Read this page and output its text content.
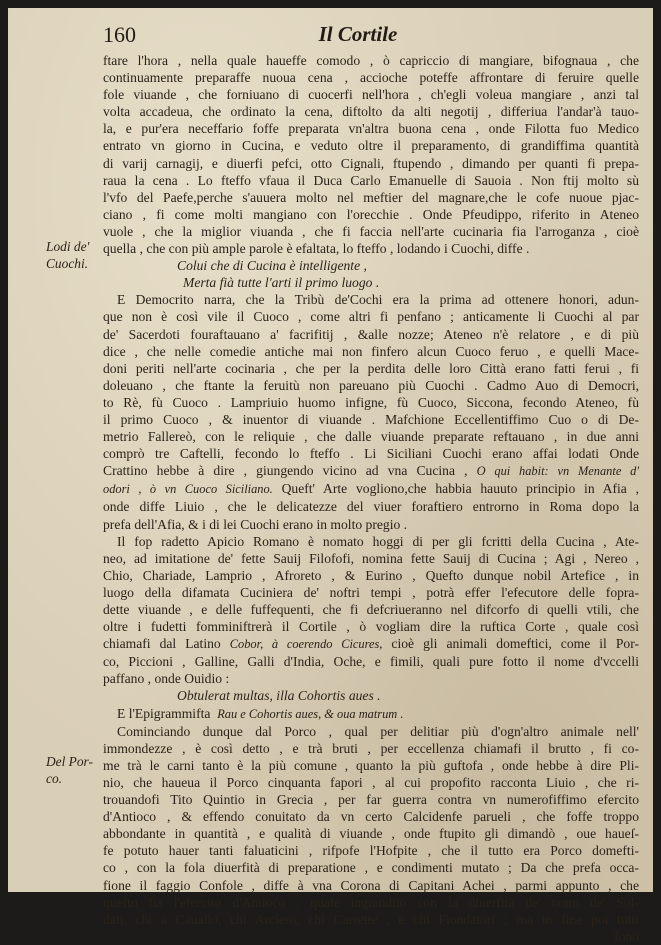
160	Il Cortile
Lodi de'
Cuochi.
Del Por-
co.
ftare l'hora , nella quale haueffe comodo , ò capriccio di mangiare, bifognaua , che
continuamente preparaffe nuoua cena , accioche poteffe affrontare di feruire quelle
fole viuande , che forniuano di cuocerfi nell'hora , ch'egli voleua mangiare , anzi tal
volta accadeua, che ordinato la cena, diftolto da alti negotij , differiua l'andar'à tauo-
la, e pur'era neceffario foffe preparata vn'altra buona cena , onde Filotta fuo Medico
entrato vn giorno in Cucina, e veduto oltre il preparamento, di grandiffima quantità
di varij carnagij, e diuerfi pefci, otto Cignali, ftupendo , dimando per quanti fi prepa-
raua la cena . Lo fteffo vfaua il Duca Carlo Emanuelle di Sauoia . Non ftij molto sù
l'vfo del Paefe,perche s'auuera molto nel meftier del magnare,che le cofe nuoue pjac-
ciano , fi come molti mangiano con l'orecchie . Onde Pfeudippo, riferito in Ateneo
vuole , che la miglior viuanda , che fi faccia nell'arte cucinaria fia l'arroganza , cioè
quella , che con più ample parole è efaltata, lo fteffo , lodando i Cuochi, diffe .
Colui che di Cucina è intelligente ,
Merta fià tutte l'arti il primo luogo .
E Democrito narra, che la Tribù de'Cochi era la prima ad ottenere honori, adun-
que non è così vile il Cuoco , come altri fi penfano ; anticamente li Cuochi al par
de' Sacerdoti fouraftauano a' facrifitij , &alle nozze; Ateneo n'è relatore , e di più
dice , che nelle comedie antiche mai non finfero alcun Cuoco feruo , e quelli Mace-
doni periti nell'arte cocinaria , che per la perdita delle loro Città erano fatti ferui , fi
doleuano , che ftante la feruitù non pareuano più Cuochi . Cadmo Auo di Democri,
to Rè, fù Cuoco . Lampriuio huomo infigne, fù Cuoco, Siccona, fecondo Ateneo, fù
il primo Cuoco , & inuentor di viuande . Mafchione Eccellentiffimo Cuo o di De-
metrio Fallereò, con le reliquie , che dalle viuande preparate reftauano , in due anni
comprò tre Caftelli, fecondo lo fteffo . Li Siciliani Cuochi erano affai lodati Onde
Crattino hebbe à dire , giungendo vicino ad vna Cucina , O qui habit: vn Menante d'
odori , ò vn Cuoco Siciliano. Queft' Arte vogliono,che habbia hauuto principio in Afia ,
onde diffe Liuio , che le delicatezze del viuer foraftiero entrorno in Roma dopo la
prefa dell'Afia, & i di lei Cuochi erano in molto pregio .
Il fop radetto Apicio Romano è nomato hoggi di per gli fcritti della Cucina , Ate-
neo, ad imitatione de' fette Sauij Filofofi, nomina fette Sauij di Cucina ; Agi , Nereo ,
Chio, Chariade, Lamprio , Afroreto , & Eurino , Quefto dunque nobil Artefice , in
luogo della difamata Cuciniera de' noftri tempi , potrà effer l'efecutore delle fopra-
dette viuande , e delle fuffequenti, che fi defcriueranno nel difcorfo di quelli vtili, che
oltre i fudetti fomminiftrerà il Cortile , ò vogliam dire la ruftica Corte , quale così
chiamafi dal Latino Cobor, à coerendo Cicures, cioè gli animali domeftici, come il Por-
co, Piccioni , Galline, Galli d'India, Oche, e fimili, quali pure fotto il nome d'vccelli
paffano , onde Ouidio :
Obtulerat multas, illa Cohortis aues .
E l'Epigrammifta Rau e Cohortis aues, & oua matrum .
Cominciando dunque dal Porco , qual per delitiar più d'ogn'altro animale nell'
immondezze , è così detto , e trà bruti , per eccellenza chiamafi il brutto , fi co-
me trà le carni tanto è la più comune , quanto la più guftofa , onde hebbe à dire Pli-
nio, che haueua il Porco cinquanta fapori , al cui propofito racconta Liuio , che ri-
trouandofi Tito Quintio in Grecia , per far guerra contra vn numerofiffimo efercito
d'Antioco , & effendo conuitato da vn certo Calcidenfe parueli , che foffe troppo
abbondante in quantità , e qualità di viuande , onde ftupito gli dimandò , oue haueſ-
fe potuto hauer tanti faluaticini , rifpofe l'Hofpite , che il tutto era Porco domefti-
co , con la fola diuerfità di preparatione , e condimenti mutato ; Da che prefa occa-
fione il faggio Confole , diffe à vna Corona di Capitani Achei , parmi appunto , che
quefto fia l'efercito d'Antioco , quale ingrandito con la diuerfità de' nomi de' Sol-
dati, chi à Cauallo, chi Arciero, chi Carrette , e chi Fiondatori ; ma in fine poi tutti
fono
